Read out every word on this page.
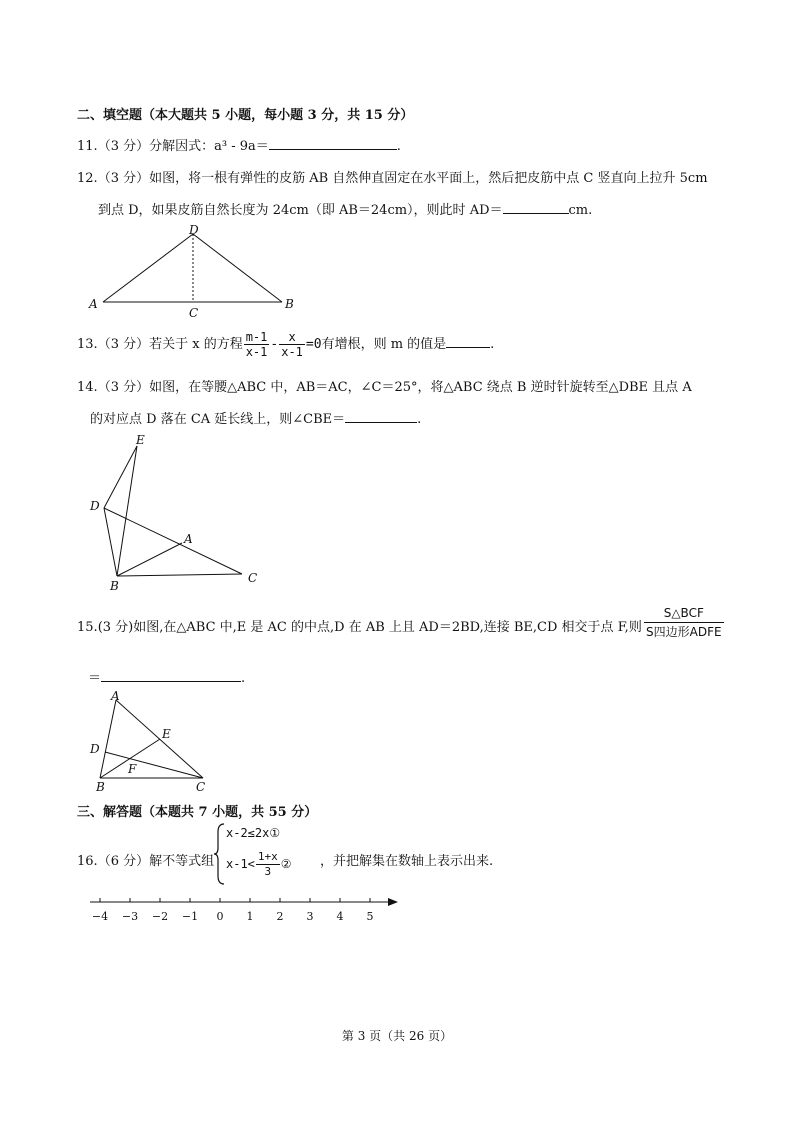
二、填空题（本大题共 5 小题，每小题 3 分，共 15 分）
11.（3 分）分解因式：a³ - 9a＝	.
12.（3 分）如图，将一根有弹性的皮筋 AB 自然伸直固定在水平面上，然后把皮筋中点 C 竖直向上拉升 5cm
到点 D，如果皮筋自然长度为 24cm（即 AB＝24cm），则此时 AD＝	cm.
D
A	B
C
13.（3 分）若关于 x 的方程 $\frac{m-1}{x-1} - \frac{x}{x-1} =0$有增根，则 m 的值是	.
14.（3 分）如图，在等腰△ABC 中，AB＝AC，∠C＝25°，将△ABC 绕点 B 逆时针旋转至△DBE 且点 A
的对应点 D 落在 CA 延长线上，则∠CBE＝	.
E
D
A
B
C
15.(3 分)如图,在△ABC 中,E 是 AC 的中点,D 在 AB 上且 AD＝2BD,连接 BE,CD 相交于点 F,则
S△BCF
S四边形ADFE
＝	.
A
E
D
F
B	C
三、解答题（本题共 7 小题，共 55 分）
16.（6 分）解不等式组
x-2≤2x①
$x-1< \frac{1+x}{3}$ ② ，并把解集在数轴上表示出来.
−4 −3 −2 −1 0 1 2 3 4 5
第 3 页（共 26 页）
